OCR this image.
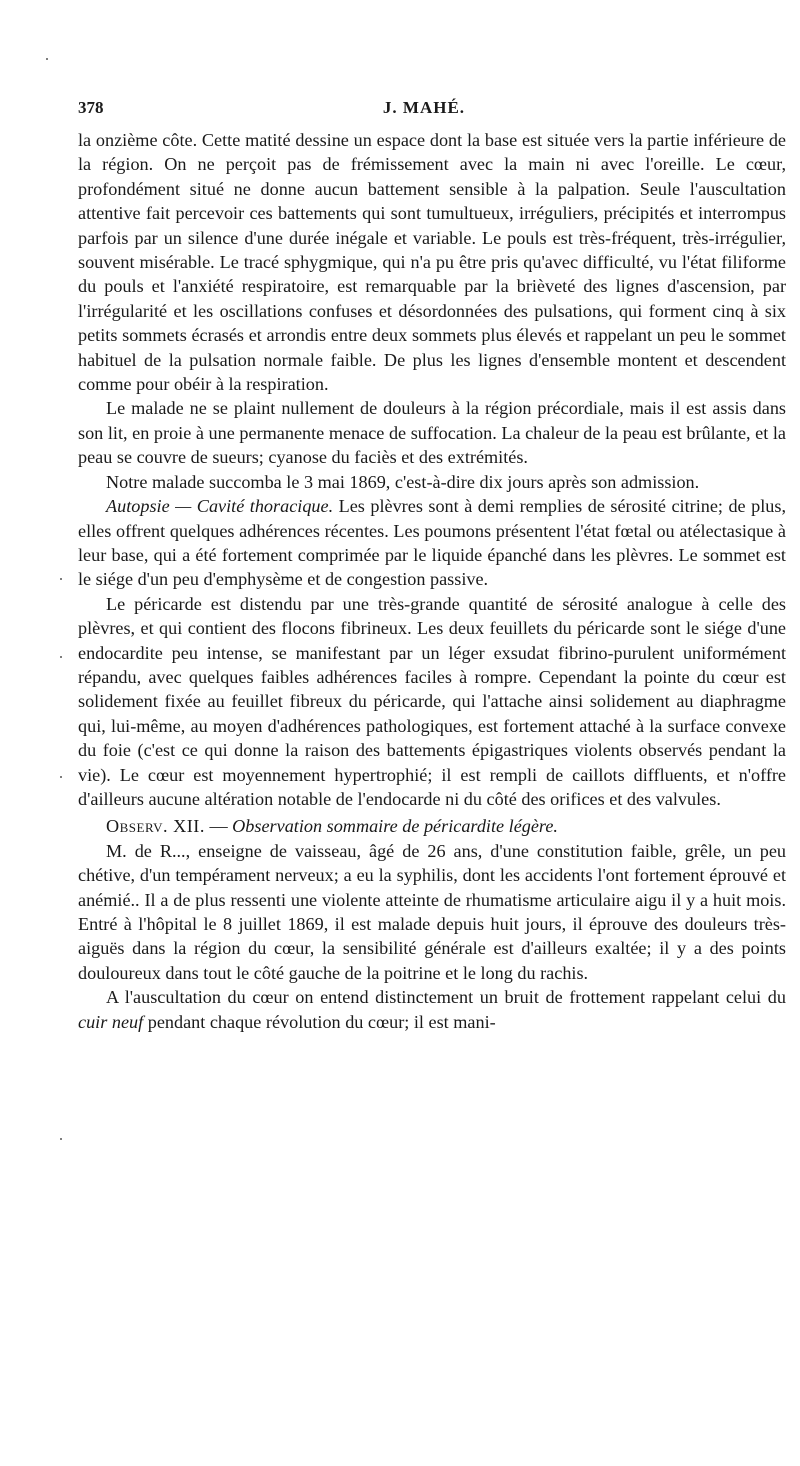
378	J. MAHÉ.

la onzième côte. Cette matité dessine un espace dont la base est située vers la partie inférieure de la région. On ne perçoit pas de frémissement avec la main ni avec l'oreille. Le cœur, profondément situé ne donne aucun battement sensible à la palpation. Seule l'auscultation attentive fait percevoir ces battements qui sont tumultueux, irréguliers, précipités et interrompus parfois par un silence d'une durée inégale et variable. Le pouls est très-fréquent, très-irrégulier, souvent misérable. Le tracé sphygmique, qui n'a pu être pris qu'avec difficulté, vu l'état filiforme du pouls et l'anxiété respiratoire, est remarquable par la brièveté des lignes d'ascension, par l'irrégularité et les oscillations confuses et désordonnées des pulsations, qui forment cinq à six petits sommets écrasés et arrondis entre deux sommets plus élevés et rappelant un peu le sommet habituel de la pulsation normale faible. De plus les lignes d'ensemble montent et descendent comme pour obéir à la respiration.

Le malade ne se plaint nullement de douleurs à la région précordiale, mais il est assis dans son lit, en proie à une permanente menace de suffocation. La chaleur de la peau est brûlante, et la peau se couvre de sueurs; cyanose du faciès et des extrémités.

Notre malade succomba le 3 mai 1869, c'est-à-dire dix jours après son admission.

Autopsie — Cavité thoracique. Les plèvres sont à demi remplies de sérosité citrine; de plus, elles offrent quelques adhérences récentes. Les poumons présentent l'état fœtal ou atélectasique à leur base, qui a été fortement comprimée par le liquide épanché dans les plèvres. Le sommet est le siége d'un peu d'emphysème et de congestion passive.

Le péricarde est distendu par une très-grande quantité de sérosité analogue à celle des plèvres, et qui contient des flocons fibrineux. Les deux feuillets du péricarde sont le siége d'une endocardite peu intense, se manifestant par un léger exsudat fibrino-purulent uniformément répandu, avec quelques faibles adhérences faciles à rompre. Cependant la pointe du cœur est solidement fixée au feuillet fibreux du péricarde, qui l'attache ainsi solidement au diaphragme qui, lui-même, au moyen d'adhérences pathologiques, est fortement attaché à la surface convexe du foie (c'est ce qui donne la raison des battements épigastriques violents observés pendant la vie). Le cœur est moyennement hypertrophié; il est rempli de caillots diffluents, et n'offre d'ailleurs aucune altération notable de l'endocarde ni du côté des orifices et des valvules.

Observ. XII. — Observation sommaire de péricardite légère.

M. de R..., enseigne de vaisseau, âgé de 26 ans, d'une constitution faible, grêle, un peu chétive, d'un tempérament nerveux; a eu la syphilis, dont les accidents l'ont fortement éprouvé et anémié.. Il a de plus ressenti une violente atteinte de rhumatisme articulaire aigu il y a huit mois. Entré à l'hôpital le 8 juillet 1869, il est malade depuis huit jours, il éprouve des douleurs très-aiguës dans la région du cœur, la sensibilité générale est d'ailleurs exaltée; il y a des points douloureux dans tout le côté gauche de la poitrine et le long du rachis.

A l'auscultation du cœur on entend distinctement un bruit de frottement rappelant celui du cuir neuf pendant chaque révolution du cœur; il est mani-
